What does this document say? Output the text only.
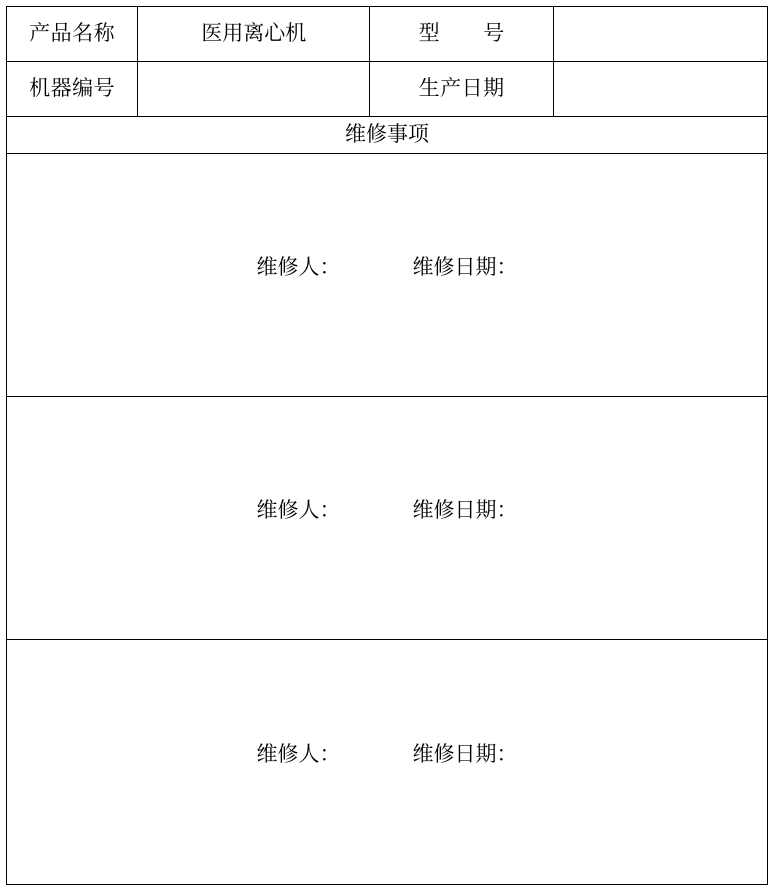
产品名称	医用离心机	型　　号	
机器编号		生产日期	
维修事项			

维修人： 维修日期：			

维修人： 维修日期：			

维修人： 维修日期：			
